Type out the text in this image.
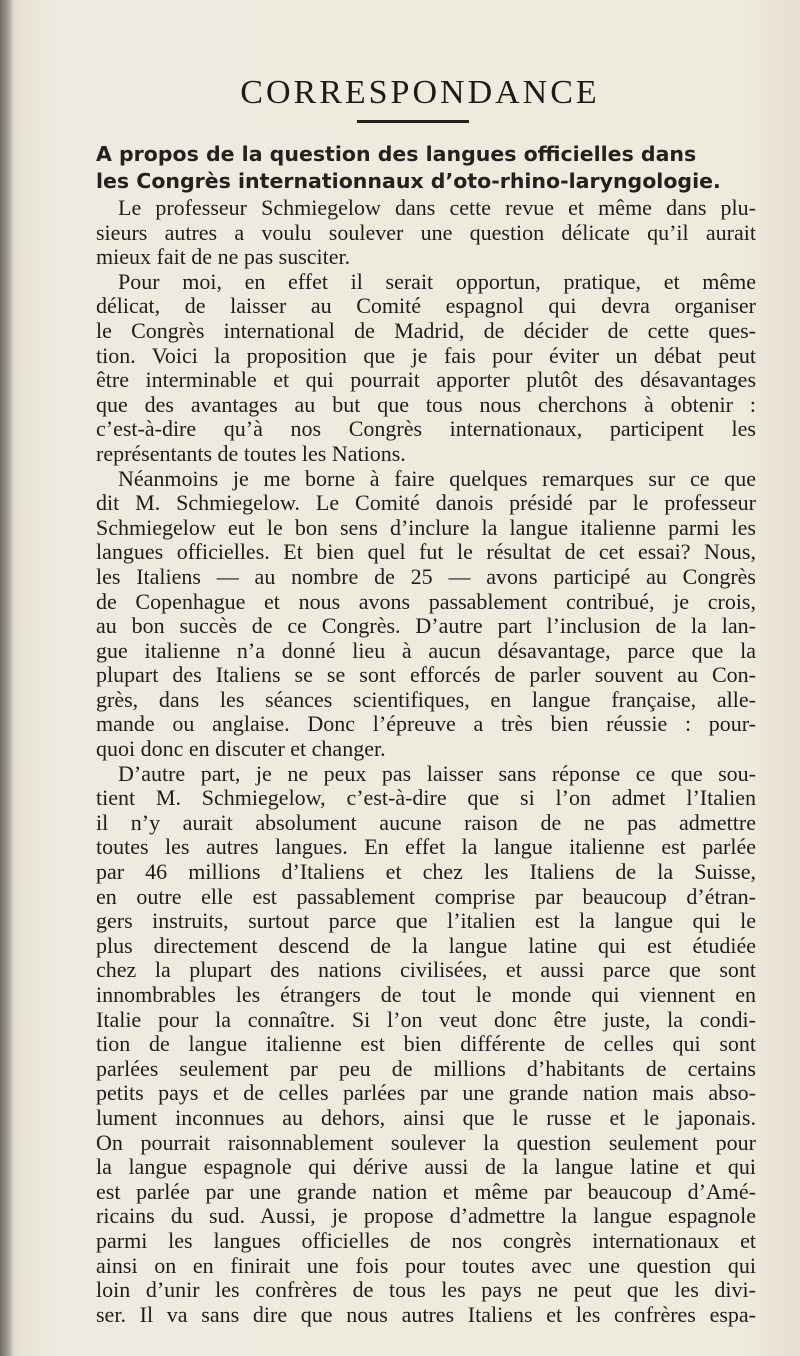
CORRESPONDANCE
A propos de la question des langues officielles dans
les Congrès internationnaux d’oto-rhino-laryngologie.
Le professeur Schmiegelow dans cette revue et même dans plu-
sieurs autres a voulu soulever une question délicate qu’il aurait
mieux fait de ne pas susciter.
Pour moi, en effet il serait opportun, pratique, et même
délicat, de laisser au Comité espagnol qui devra organiser
le Congrès international de Madrid, de décider de cette ques-
tion. Voici la proposition que je fais pour éviter un débat peut
être interminable et qui pourrait apporter plutôt des désavantages
que des avantages au but que tous nous cherchons à obtenir :
c’est-à-dire qu’à nos Congrès internationaux, participent les
représentants de toutes les Nations.
Néanmoins je me borne à faire quelques remarques sur ce que
dit M. Schmiegelow. Le Comité danois présidé par le professeur
Schmiegelow eut le bon sens d’inclure la langue italienne parmi les
langues officielles. Et bien quel fut le résultat de cet essai? Nous,
les Italiens — au nombre de 25 — avons participé au Congrès
de Copenhague et nous avons passablement contribué, je crois,
au bon succès de ce Congrès. D’autre part l’inclusion de la lan-
gue italienne n’a donné lieu à aucun désavantage, parce que la
plupart des Italiens se se sont efforcés de parler souvent au Con-
grès, dans les séances scientifiques, en langue française, alle-
mande ou anglaise. Donc l’épreuve a très bien réussie : pour-
quoi donc en discuter et changer.
D’autre part, je ne peux pas laisser sans réponse ce que sou-
tient M. Schmiegelow, c’est-à-dire que si l’on admet l’Italien
il n’y aurait absolument aucune raison de ne pas admettre
toutes les autres langues. En effet la langue italienne est parlée
par 46 millions d’Italiens et chez les Italiens de la Suisse,
en outre elle est passablement comprise par beaucoup d’étran-
gers instruits, surtout parce que l’italien est la langue qui le
plus directement descend de la langue latine qui est étudiée
chez la plupart des nations civilisées, et aussi parce que sont
innombrables les étrangers de tout le monde qui viennent en
Italie pour la connaître. Si l’on veut donc être juste, la condi-
tion de langue italienne est bien différente de celles qui sont
parlées seulement par peu de millions d’habitants de certains
petits pays et de celles parlées par une grande nation mais abso-
lument inconnues au dehors, ainsi que le russe et le japonais.
On pourrait raisonnablement soulever la question seulement pour
la langue espagnole qui dérive aussi de la langue latine et qui
est parlée par une grande nation et même par beaucoup d’Amé-
ricains du sud. Aussi, je propose d’admettre la langue espagnole
parmi les langues officielles de nos congrès internationaux et
ainsi on en finirait une fois pour toutes avec une question qui
loin d’unir les confrères de tous les pays ne peut que les divi-
ser. Il va sans dire que nous autres Italiens et les confrères espa-
